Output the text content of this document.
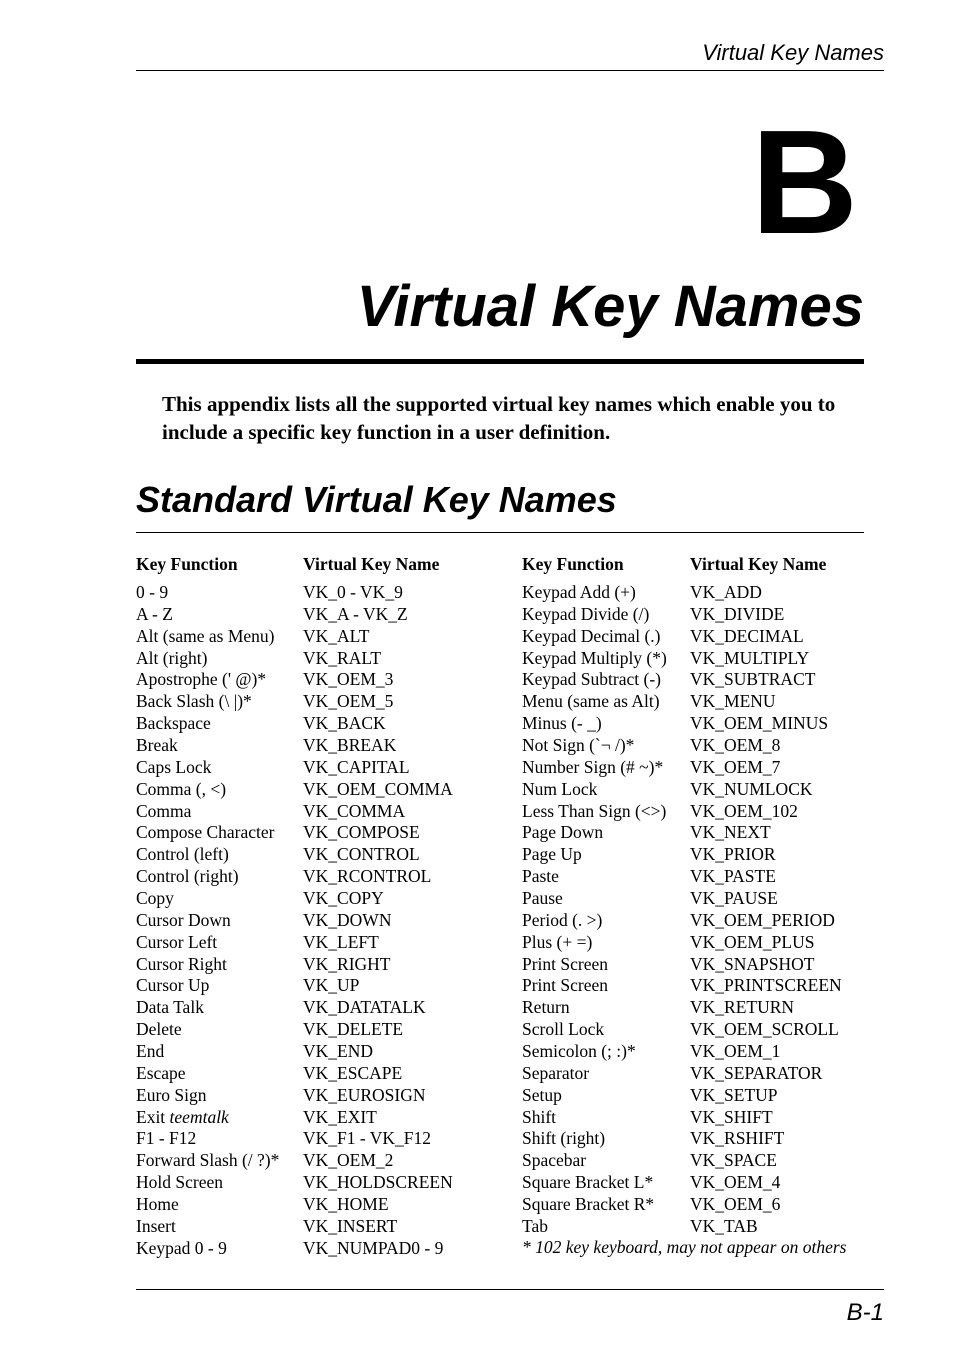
Virtual Key Names
B
Virtual Key Names
This appendix lists all the supported virtual key names which enable you to include a specific key function in a user definition.
Standard Virtual Key Names
Key Function
0 - 9
A - Z
Alt (same as Menu)
Alt (right)
Apostrophe (' @)*
Back Slash (\ |)*
Backspace
Break
Caps Lock
Comma (, <)
Comma
Compose Character
Control (left)
Control (right)
Copy
Cursor Down
Cursor Left
Cursor Right
Cursor Up
Data Talk
Delete
End
Escape
Euro Sign
Exit teemtalk
F1 - F12
Forward Slash (/ ?)*
Hold Screen
Home
Insert
Keypad 0 - 9
Virtual Key Name
VK_0 - VK_9
VK_A - VK_Z
VK_ALT
VK_RALT
VK_OEM_3
VK_OEM_5
VK_BACK
VK_BREAK
VK_CAPITAL
VK_OEM_COMMA
VK_COMMA
VK_COMPOSE
VK_CONTROL
VK_RCONTROL
VK_COPY
VK_DOWN
VK_LEFT
VK_RIGHT
VK_UP
VK_DATATALK
VK_DELETE
VK_END
VK_ESCAPE
VK_EUROSIGN
VK_EXIT
VK_F1 - VK_F12
VK_OEM_2
VK_HOLDSCREEN
VK_HOME
VK_INSERT
VK_NUMPAD0 - 9
Key Function
Keypad Add (+)
Keypad Divide (/)
Keypad Decimal (.)
Keypad Multiply (*)
Keypad Subtract (-)
Menu (same as Alt)
Minus (- _)
Not Sign (`¬ /)*
Number Sign (# ~)*
Num Lock
Less Than Sign (<>)
Page Down
Page Up
Paste
Pause
Period (. >)
Plus (+ =)
Print Screen
Print Screen
Return
Scroll Lock
Semicolon (; :)*
Separator
Setup
Shift
Shift (right)
Spacebar
Square Bracket L*
Square Bracket R*
Tab
Virtual Key Name
VK_ADD
VK_DIVIDE
VK_DECIMAL
VK_MULTIPLY
VK_SUBTRACT
VK_MENU
VK_OEM_MINUS
VK_OEM_8
VK_OEM_7
VK_NUMLOCK
VK_OEM_102
VK_NEXT
VK_PRIOR
VK_PASTE
VK_PAUSE
VK_OEM_PERIOD
VK_OEM_PLUS
VK_SNAPSHOT
VK_PRINTSCREEN
VK_RETURN
VK_OEM_SCROLL
VK_OEM_1
VK_SEPARATOR
VK_SETUP
VK_SHIFT
VK_RSHIFT
VK_SPACE
VK_OEM_4
VK_OEM_6
VK_TAB
* 102 key keyboard, may not appear on others
B-1
